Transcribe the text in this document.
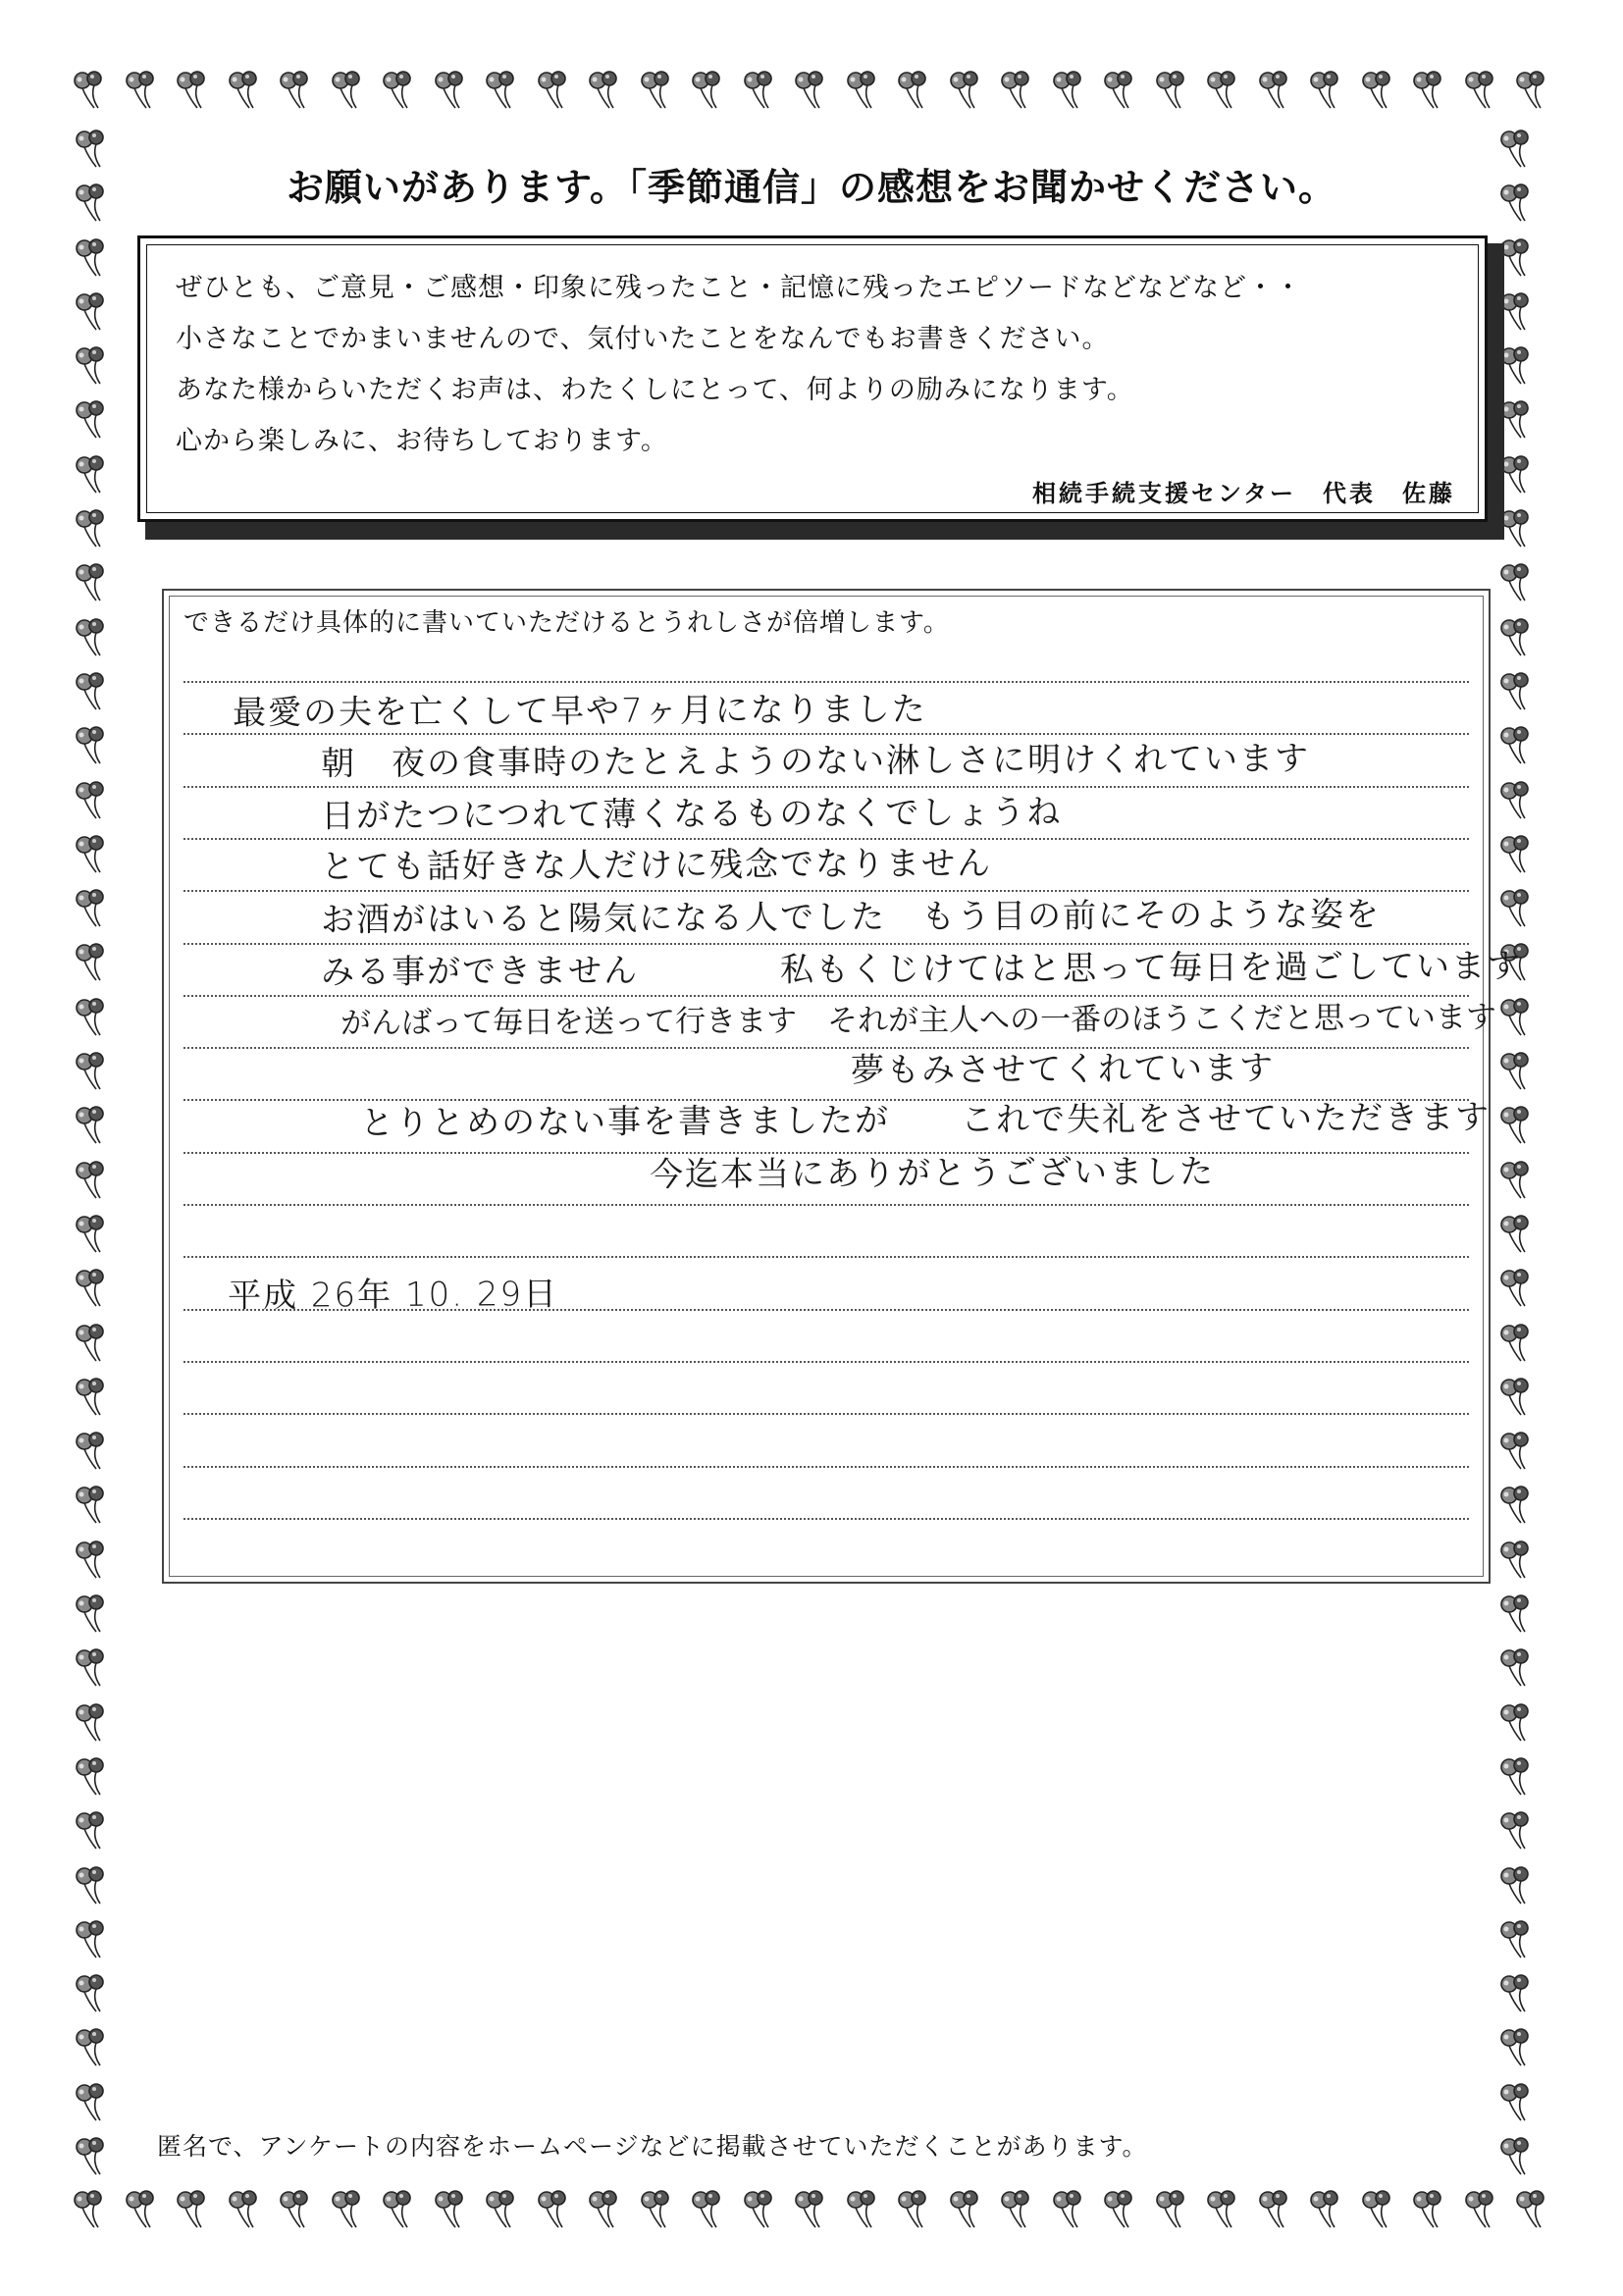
お願いがあります。「季節通信」の感想をお聞かせください。

ぜひとも、ご意見・ご感想・印象に残ったこと・記憶に残ったエピソードなどなどなど・・

小さなことでかまいませんので、気付いたことをなんでもお書きください。

あなた様からいただくお声は、わたくしにとって、何よりの励みになります。

心から楽しみに、お待ちしております。

相続手続支援センター　代表　佐藤

できるだけ具体的に書いていただけるとうれしさが倍増します。

最愛の夫を亡くして早や7ヶ月になりました

朝　夜の食事時のたとえようのない淋しさに明けくれています

日がたつにつれて薄くなるものなくでしょうね

とても話好きな人だけに残念でなりません

お酒がはいると陽気になる人でした　もう目の前にそのような姿を

みる事ができません　　　　私もくじけてはと思って毎日を過ごしています

がんばって毎日を送って行きます　それが主人への一番のほうこくだと思っています

夢もみさせてくれています

とりとめのない事を書きましたが　　これで失礼をさせていただきます

今迄本当にありがとうございました

平成 26年 10. 29日

匿名で、アンケートの内容をホームページなどに掲載させていただくことがあります。
